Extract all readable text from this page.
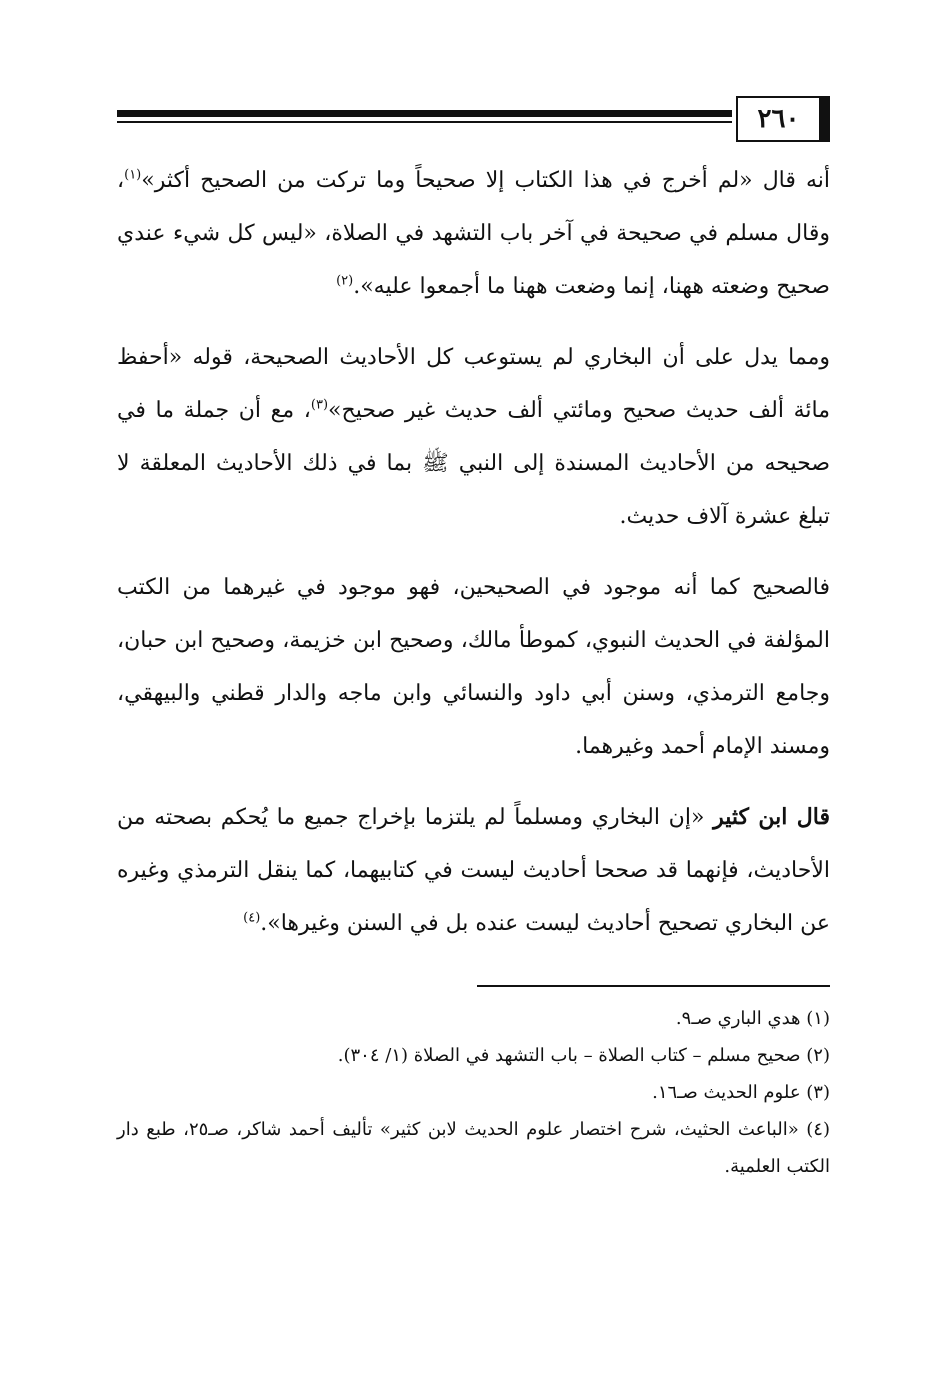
٢٦٠

أنه قال «لم أخرج في هذا الكتاب إلا صحيحاً وما تركت من الصحيح أكثر»$^{(١)}$، وقال مسلم في صحيحة في آخر باب التشهد في الصلاة، «ليس كل شيء عندي صحيح وضعته ههنا، إنما وضعت ههنا ما أجمعوا عليه».$^{(٢)}$

ومما يدل على أن البخاري لم يستوعب كل الأحاديث الصحيحة، قوله «أحفظ مائة ألف حديث صحيح ومائتي ألف حديث غير صحيح»$^{(٣)}$، مع أن جملة ما في صحيحه من الأحاديث المسندة إلى النبي ﷺ بما في ذلك الأحاديث المعلقة لا تبلغ عشرة آلاف حديث.

فالصحيح كما أنه موجود في الصحيحين، فهو موجود في غيرهما من الكتب المؤلفة في الحديث النبوي، كموطأ مالك، وصحيح ابن خزيمة، وصحيح ابن حبان، وجامع الترمذي، وسنن أبي داود والنسائي وابن ماجه والدار قطني والبيهقي، ومسند الإمام أحمد وغيرهما.

قال ابن كثير «إن البخاري ومسلماً لم يلتزما بإخراج جميع ما يُحكم بصحته من الأحاديث، فإنهما قد صححا أحاديث ليست في كتابيهما، كما ينقل الترمذي وغيره عن البخاري تصحيح أحاديث ليست عنده بل في السنن وغيرها».$^{(٤)}$

(١) هدي الباري صـ٩.

(٢) صحيح مسلم – كتاب الصلاة – باب التشهد في الصلاة (١/ ٣٠٤).

(٣) علوم الحديث صـ١٦.

(٤) «الباعث الحثيث، شرح اختصار علوم الحديث لابن كثير» تأليف أحمد شاكر، صـ٢٥، طبع دار الكتب العلمية.
